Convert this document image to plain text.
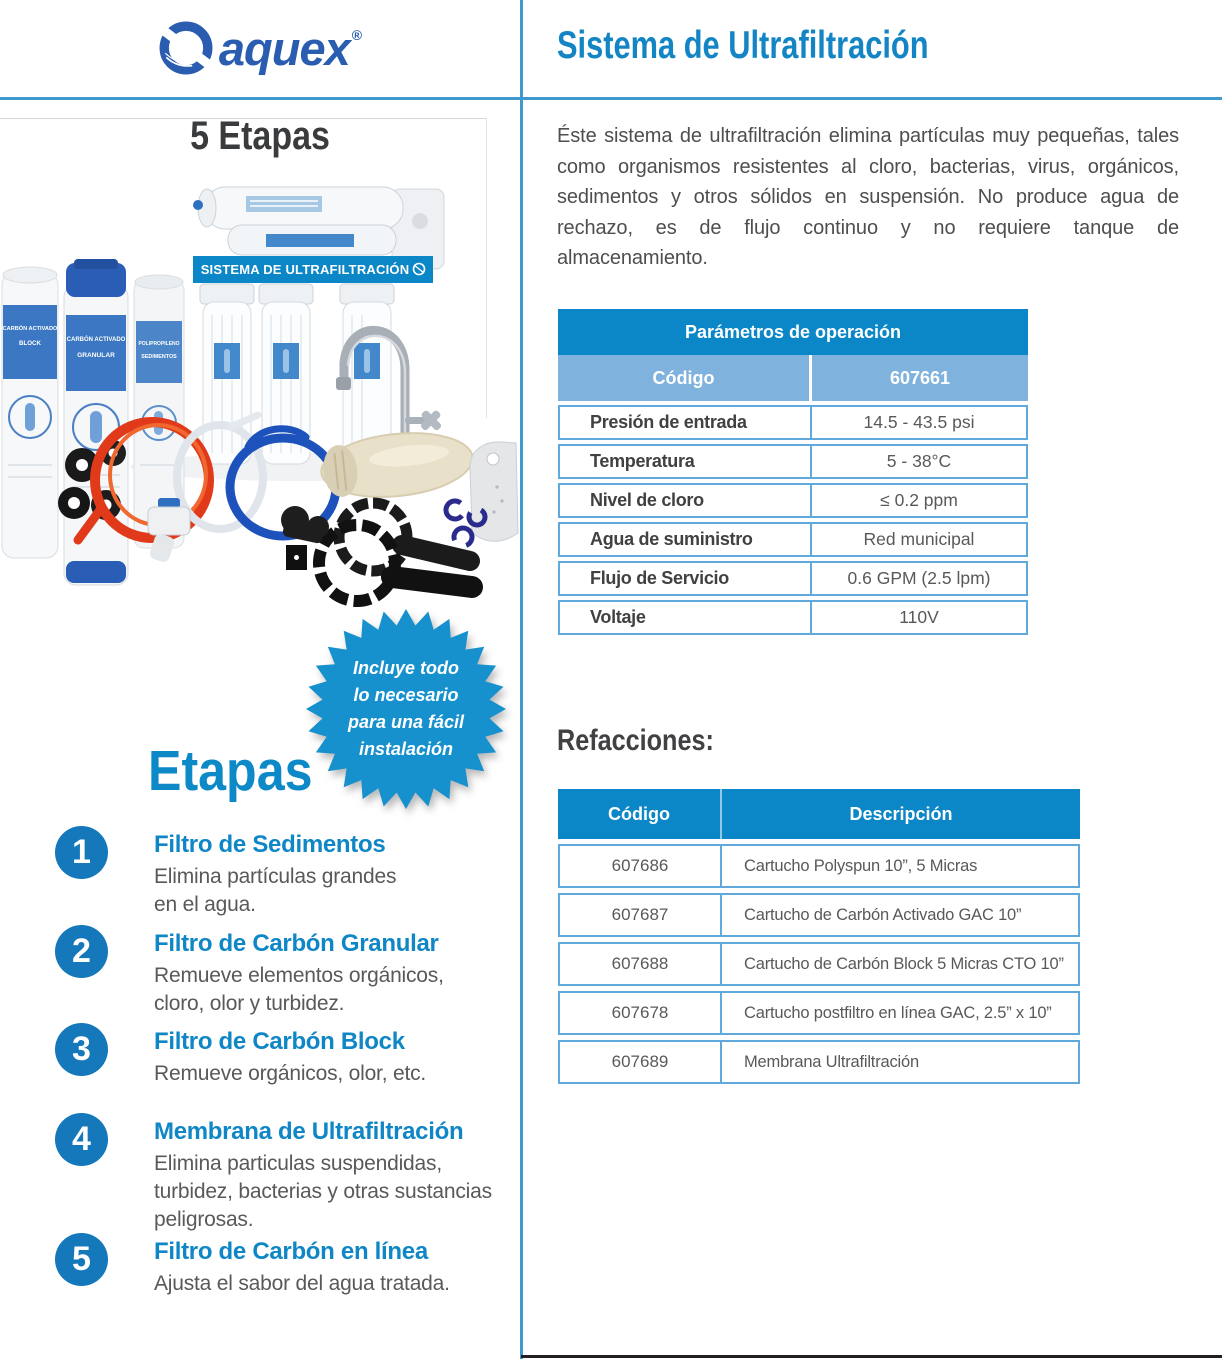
aquex ®
5 Etapas
CARBÓN ACTIVADO
BLOCK	CARBÓN ACTIVADO
GRANULAR
POLIPROPILENO
SEDIMENTOS
SISTEMA DE ULTRAFILTRACIÓN
Incluye todo
lo necesario
para una fácil
instalación
Etapas
1	Filtro de Sedimentos
Elimina partículas grandes
en el agua.
2	Filtro de Carbón Granular
Remueve elementos orgánicos,
cloro, olor y turbidez.
3	Filtro de Carbón Block
Remueve orgánicos, olor, etc.
4	Membrana de Ultrafiltración
Elimina particulas suspendidas,
turbidez, bacterias y otras sustancias
peligrosas.
5	Filtro de Carbón en línea
Ajusta el sabor del agua tratada.
Sistema de Ultrafiltración

Éste sistema de ultrafiltración elimina partículas muy pequeñas, tales como organismos resistentes al cloro, bacterias, virus, orgánicos, sedimentos y otros sólidos en suspensión. No produce agua de rechazo, es de flujo continuo y no requiere tanque de almacenamiento.

Parámetros de operación
Código	607661
Presión de entrada	14.5 - 43.5 psi
Temperatura	5 - 38°C
Nivel de cloro	≤ 0.2 ppm
Agua de suministro	Red municipal
Flujo de Servicio	0.6 GPM (2.5 lpm)
Voltaje	110V
Refacciones:
Código	Descripción
607686	Cartucho Polyspun 10”, 5 Micras
607687	Cartucho de Carbón Activado GAC 10”
607688	Cartucho de Carbón Block 5 Micras CTO 10”
607678	Cartucho postfiltro en línea GAC, 2.5” x 10”
607689	Membrana Ultrafiltración
